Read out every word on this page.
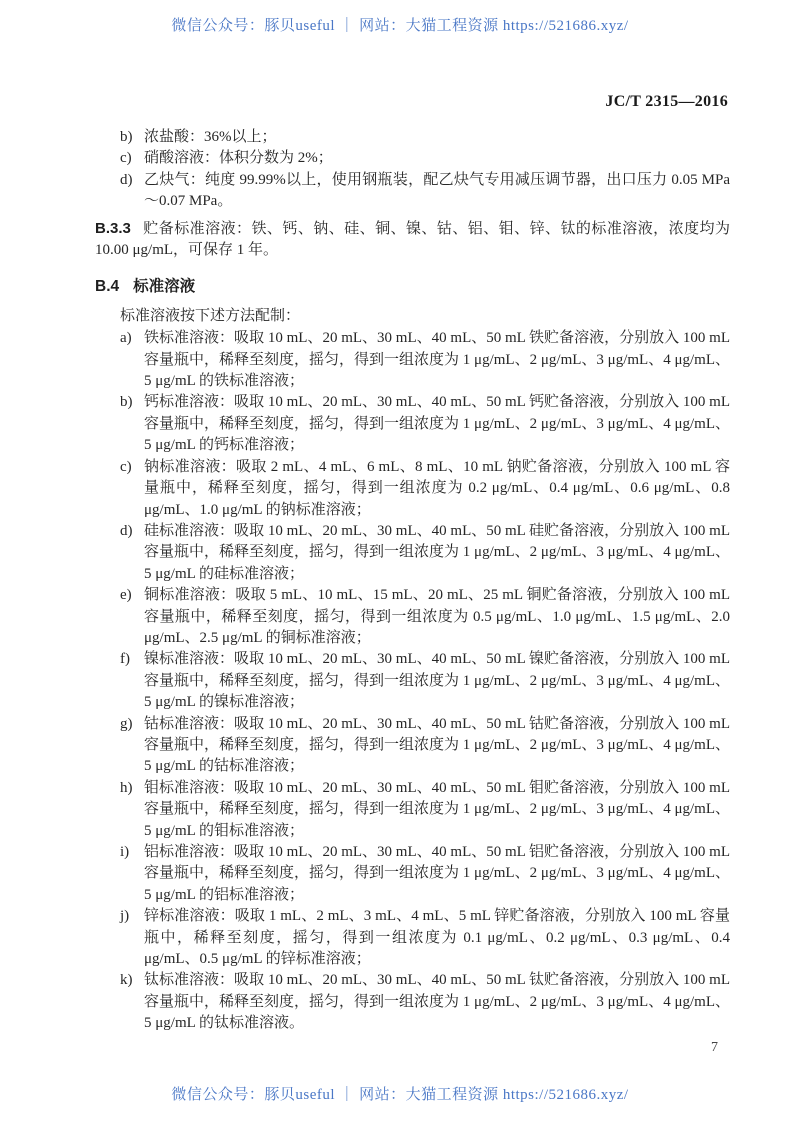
微信公众号：豚贝useful ｜ 网站：大猫工程资源 https://521686.xyz/
JC/T 2315—2016
b) 浓盐酸：36%以上；
c) 硝酸溶液：体积分数为 2%；
d) 乙炔气：纯度 99.99%以上，使用钢瓶装，配乙炔气专用减压调节器，出口压力 0.05 MPa～0.07 MPa。

B.3.3 贮备标准溶液：铁、钙、钠、硅、铜、镍、钴、铝、钼、锌、钛的标准溶液，浓度均为 10.00 μg/mL，可保存 1 年。

B.4 标准溶液
标准溶液按下述方法配制：
a) 铁标准溶液：吸取 10 mL、20 mL、30 mL、40 mL、50 mL 铁贮备溶液，分别放入 100 mL 容量瓶中，稀释至刻度，摇匀，得到一组浓度为 1 μg/mL、2 μg/mL、3 μg/mL、4 μg/mL、5 μg/mL 的铁标准溶液；
b) 钙标准溶液：吸取 10 mL、20 mL、30 mL、40 mL、50 mL 钙贮备溶液，分别放入 100 mL 容量瓶中，稀释至刻度，摇匀，得到一组浓度为 1 μg/mL、2 μg/mL、3 μg/mL、4 μg/mL、5 μg/mL 的钙标准溶液；
c) 钠标准溶液：吸取 2 mL、4 mL、6 mL、8 mL、10 mL 钠贮备溶液，分别放入 100 mL 容量瓶中，稀释至刻度，摇匀，得到一组浓度为 0.2 μg/mL、0.4 μg/mL、0.6 μg/mL、0.8 μg/mL、1.0 μg/mL 的钠标准溶液；
d) 硅标准溶液：吸取 10 mL、20 mL、30 mL、40 mL、50 mL 硅贮备溶液，分别放入 100 mL 容量瓶中，稀释至刻度，摇匀，得到一组浓度为 1 μg/mL、2 μg/mL、3 μg/mL、4 μg/mL、5 μg/mL 的硅标准溶液；
e) 铜标准溶液：吸取 5 mL、10 mL、15 mL、20 mL、25 mL 铜贮备溶液，分别放入 100 mL 容量瓶中，稀释至刻度，摇匀，得到一组浓度为 0.5 μg/mL、1.0 μg/mL、1.5 μg/mL、2.0 μg/mL、2.5 μg/mL 的铜标准溶液；
f) 镍标准溶液：吸取 10 mL、20 mL、30 mL、40 mL、50 mL 镍贮备溶液，分别放入 100 mL 容量瓶中，稀释至刻度，摇匀，得到一组浓度为 1 μg/mL、2 μg/mL、3 μg/mL、4 μg/mL、5 μg/mL 的镍标准溶液；
g) 钴标准溶液：吸取 10 mL、20 mL、30 mL、40 mL、50 mL 钴贮备溶液，分别放入 100 mL 容量瓶中，稀释至刻度，摇匀，得到一组浓度为 1 μg/mL、2 μg/mL、3 μg/mL、4 μg/mL、5 μg/mL 的钴标准溶液；
h) 钼标准溶液：吸取 10 mL、20 mL、30 mL、40 mL、50 mL 钼贮备溶液，分别放入 100 mL 容量瓶中，稀释至刻度，摇匀，得到一组浓度为 1 μg/mL、2 μg/mL、3 μg/mL、4 μg/mL、5 μg/mL 的钼标准溶液；
i) 铝标准溶液：吸取 10 mL、20 mL、30 mL、40 mL、50 mL 铝贮备溶液，分别放入 100 mL 容量瓶中，稀释至刻度，摇匀，得到一组浓度为 1 μg/mL、2 μg/mL、3 μg/mL、4 μg/mL、5 μg/mL 的铝标准溶液；
j) 锌标准溶液：吸取 1 mL、2 mL、3 mL、4 mL、5 mL 锌贮备溶液，分别放入 100 mL 容量瓶中，稀释至刻度，摇匀，得到一组浓度为 0.1 μg/mL、0.2 μg/mL、0.3 μg/mL、0.4 μg/mL、0.5 μg/mL 的锌标准溶液；
k) 钛标准溶液：吸取 10 mL、20 mL、30 mL、40 mL、50 mL 钛贮备溶液，分别放入 100 mL 容量瓶中，稀释至刻度，摇匀，得到一组浓度为 1 μg/mL、2 μg/mL、3 μg/mL、4 μg/mL、5 μg/mL 的钛标准溶液。
7
微信公众号：豚贝useful ｜ 网站：大猫工程资源 https://521686.xyz/
